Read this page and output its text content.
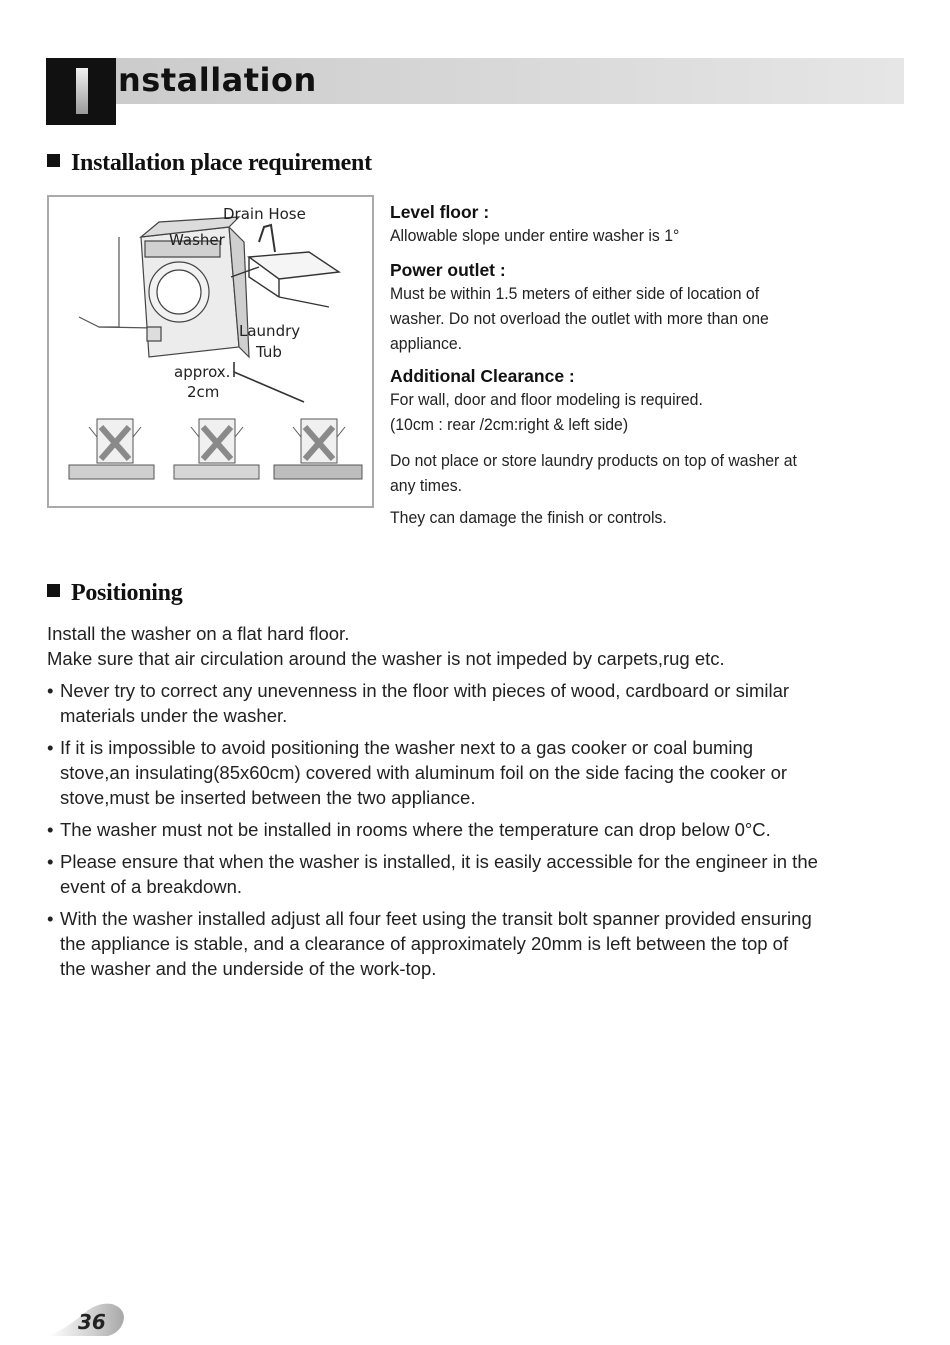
nstallation
Installation place requirement
Drain Hose
Washer
Laundry
Tub
approx.
2cm
Level floor :
Allowable slope under entire washer is 1°
Power outlet :
Must be within 1.5 meters of either side of location of
washer. Do not overload the outlet with more than one
appliance.
Additional Clearance :
For wall, door and floor modeling is required.
(10cm : rear /2cm:right & left side)
Do not place or store laundry products on top of washer at
any times.
They can damage the finish or controls.
Positioning
Install the washer on a flat hard floor.
Make sure that air circulation around the washer is not impeded by carpets,rug etc.
• Never try to correct any unevenness in the floor with pieces of wood, cardboard or similar
materials under the washer.
• If it is impossible to avoid positioning the washer next to a gas cooker or coal buming
stove,an insulating(85x60cm) covered with aluminum foil on the side facing the cooker or
stove,must be inserted between the two appliance.
• The washer must not be installed in rooms where the temperature can drop below 0°C.
• Please ensure that when the washer is installed, it is easily accessible for the engineer in the
event of a breakdown.
• With the washer installed adjust all four feet using the transit bolt spanner provided ensuring
the appliance is stable, and a clearance of approximately 20mm is left between the top of
the washer and the underside of the work-top.
36
